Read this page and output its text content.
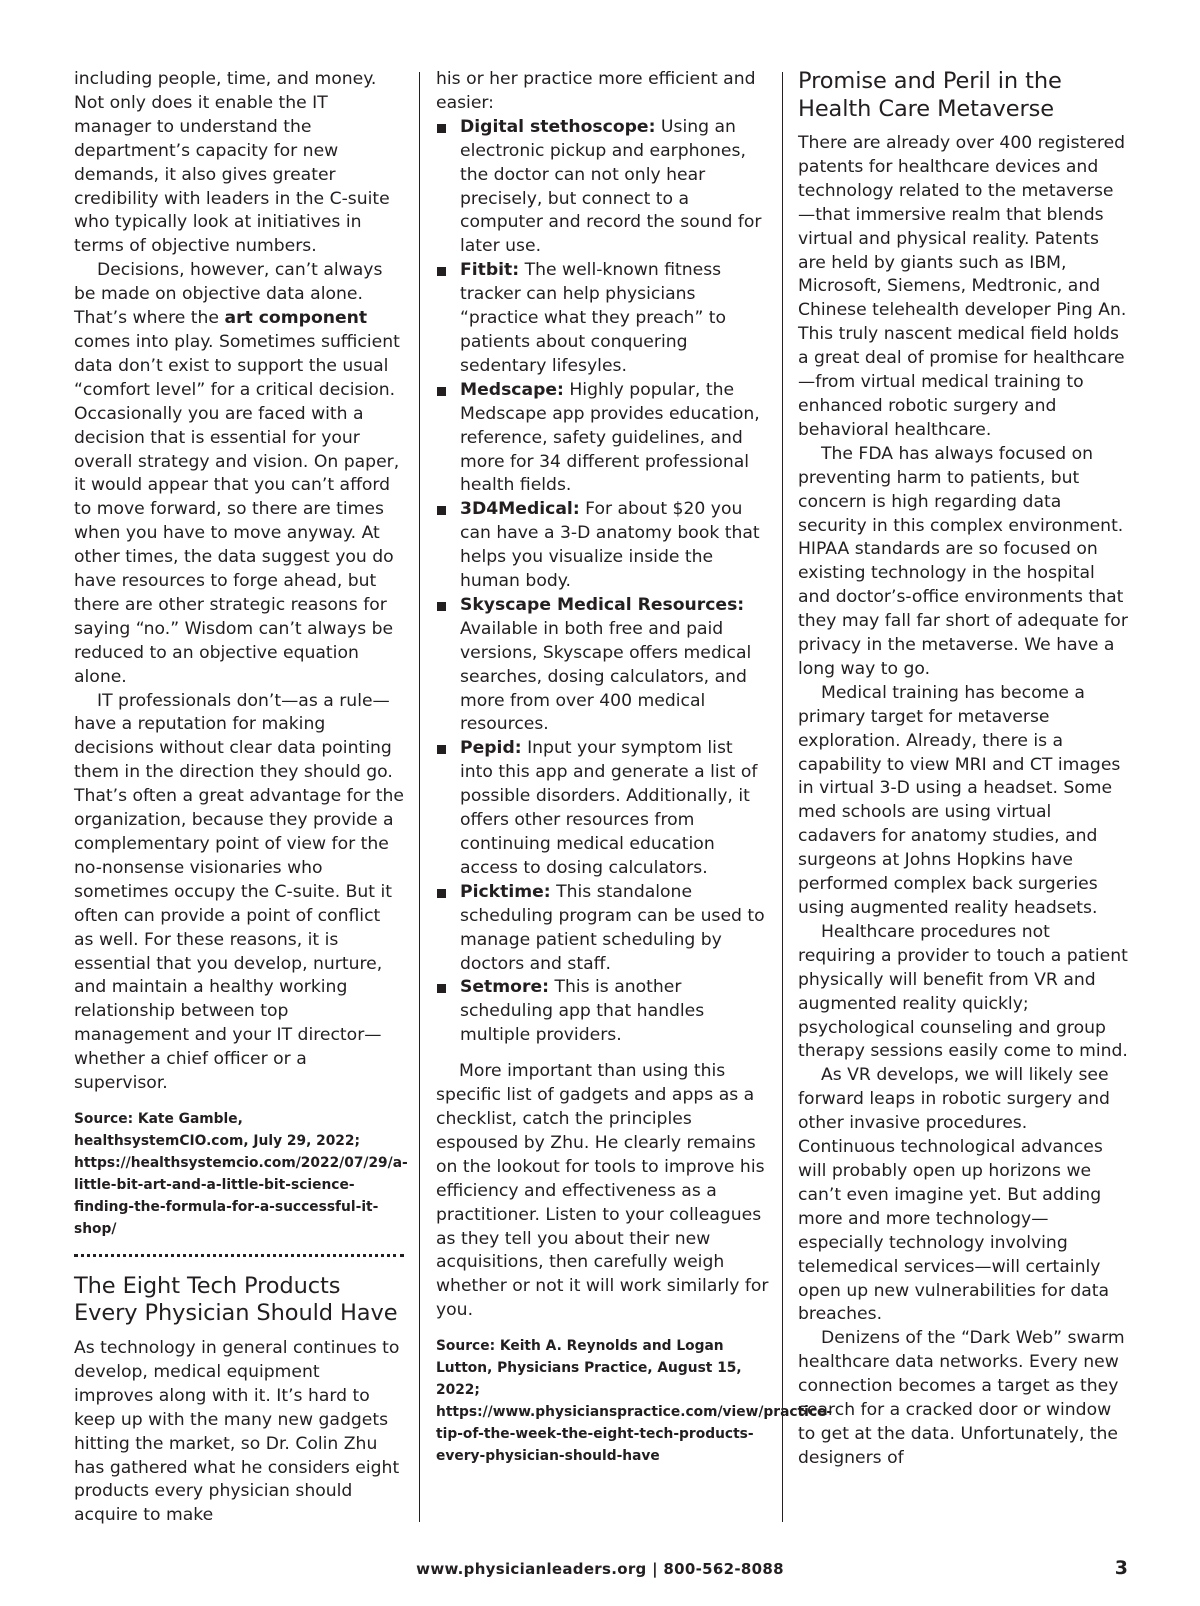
including people, time, and money. Not only does it enable the IT manager to understand the department’s capacity for new demands, it also gives greater credibility with leaders in the C-suite who typically look at initiatives in terms of objective numbers.

Decisions, however, can’t always be made on objective data alone. That’s where the art component comes into play. Sometimes sufficient data don’t exist to support the usual “comfort level” for a critical decision. Occasionally you are faced with a decision that is essential for your overall strategy and vision. On paper, it would appear that you can’t afford to move forward, so there are times when you have to move anyway. At other times, the data suggest you do have resources to forge ahead, but there are other strategic reasons for saying “no.” Wisdom can’t always be reduced to an objective equation alone.

IT professionals don’t—as a rule—have a reputation for making decisions without clear data pointing them in the direction they should go. That’s often a great advantage for the organization, because they provide a complementary point of view for the no-nonsense visionaries who sometimes occupy the C-suite. But it often can provide a point of conflict as well. For these reasons, it is essential that you develop, nurture, and maintain a healthy working relationship between top management and your IT director—whether a chief officer or a supervisor.

Source: Kate Gamble, healthsystemCIO.com, July 29, 2022; https://healthsystemcio.com/2022/07/29/a-little-bit-art-and-a-little-bit-science-finding-the-formula-for-a-successful-it-shop/

The Eight Tech Products Every Physician Should Have

As technology in general continues to develop, medical equipment improves along with it. It’s hard to keep up with the many new gadgets hitting the market, so Dr. Colin Zhu has gathered what he considers eight products every physician should acquire to make

his or her practice more efficient and easier:

Digital stethoscope: Using an electronic pickup and earphones, the doctor can not only hear precisely, but connect to a computer and record the sound for later use.
Fitbit: The well-known fitness tracker can help physicians “practice what they preach” to patients about conquering sedentary lifesyles.
Medscape: Highly popular, the Medscape app provides education, reference, safety guidelines, and more for 34 different professional health fields.
3D4Medical: For about $20 you can have a 3-D anatomy book that helps you visualize inside the human body.
Skyscape Medical Resources: Available in both free and paid versions, Skyscape offers medical searches, dosing calculators, and more from over 400 medical resources.
Pepid: Input your symptom list into this app and generate a list of possible disorders. Additionally, it offers other resources from continuing medical education access to dosing calculators.
Picktime: This standalone scheduling program can be used to manage patient scheduling by doctors and staff.
Setmore: This is another scheduling app that handles multiple providers.

More important than using this specific list of gadgets and apps as a checklist, catch the principles espoused by Zhu. He clearly remains on the lookout for tools to improve his efficiency and effectiveness as a practitioner. Listen to your colleagues as they tell you about their new acquisitions, then carefully weigh whether or not it will work similarly for you.

Source: Keith A. Reynolds and Logan Lutton, Physicians Practice, August 15, 2022; https://www.physicianspractice.com/view/practice-tip-of-the-week-the-eight-tech-products-every-physician-should-have

Promise and Peril in the Health Care Metaverse

There are already over 400 registered patents for healthcare devices and technology related to the metaverse—that immersive realm that blends virtual and physical reality. Patents are held by giants such as IBM, Microsoft, Siemens, Medtronic, and Chinese telehealth developer Ping An. This truly nascent medical field holds a great deal of promise for healthcare—from virtual medical training to enhanced robotic surgery and behavioral healthcare.

The FDA has always focused on preventing harm to patients, but concern is high regarding data security in this complex environment. HIPAA standards are so focused on existing technology in the hospital and doctor’s-office environments that they may fall far short of adequate for privacy in the metaverse. We have a long way to go.

Medical training has become a primary target for metaverse exploration. Already, there is a capability to view MRI and CT images in virtual 3-D using a headset. Some med schools are using virtual cadavers for anatomy studies, and surgeons at Johns Hopkins have performed complex back surgeries using augmented reality headsets.

Healthcare procedures not requiring a provider to touch a patient physically will benefit from VR and augmented reality quickly; psychological counseling and group therapy sessions easily come to mind.

As VR develops, we will likely see forward leaps in robotic surgery and other invasive procedures. Continuous technological advances will probably open up horizons we can’t even imagine yet. But adding more and more technology—especially technology involving telemedical services—will certainly open up new vulnerabilities for data breaches.

Denizens of the “Dark Web” swarm healthcare data networks. Every new connection becomes a target as they search for a cracked door or window to get at the data. Unfortunately, the designers of

www.physicianleaders.org | 800-562-8088	3
